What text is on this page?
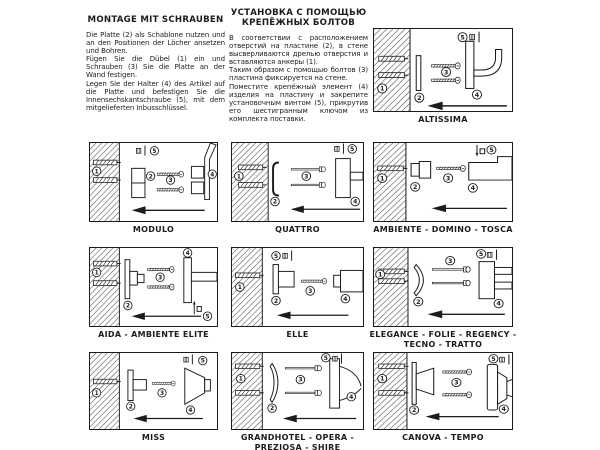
MONTAGE MIT SCHRAUBEN

Die Platte (2) als Schablone nutzen und an den Positionen der Löcher ansetzen und Bohren.

Fügen Sie die Dübel (1) ein und Schrauben (3) Sie die Platte an der Wand festigen.

Legen Sie der Halter (4) des Artikel auf die Platte und befestigen Sie die Innensechskantschraube (5), mit dem mitgelieferten Inbusschlüssel.

УСТАНОВКА С ПОМОЩЬЮ КРЕПЁЖНЫХ БОЛТОВ

В соответствии с расположением отверстий на пластине (2), в стене высверливаются дрелью отверстия и вставляются анкеры (1).

Таким образом с помощью болтов (3) пластина фиксируется на стене.

Поместите крепёжный элемент (4) изделия на пластину и закрепите установочным винтом (5), прикрутив его шестигранным ключом из комплекта поставки.

1
2
3
4
5
ALTISSIMA
1
2
3
4
5
MODULO
1
2
3
4
5
QUATTRO
1
2
3
4
5
AMBIENTE - DOMINO - TOSCA
1
2
3
4
5
AIDA - AMBIENTE ELITE
1
2
3
4
5
ELLE
1
2
3
4
5
ELEGANCE - FOLIE - REGENCY - TECNO - TRATTO
1
2
3
4
5
MISS
1
2
3
4
5
GRANDHOTEL - OPERA - PREZIOSA - SHIRE
1
2
3
4
5
CANOVA - TEMPO
